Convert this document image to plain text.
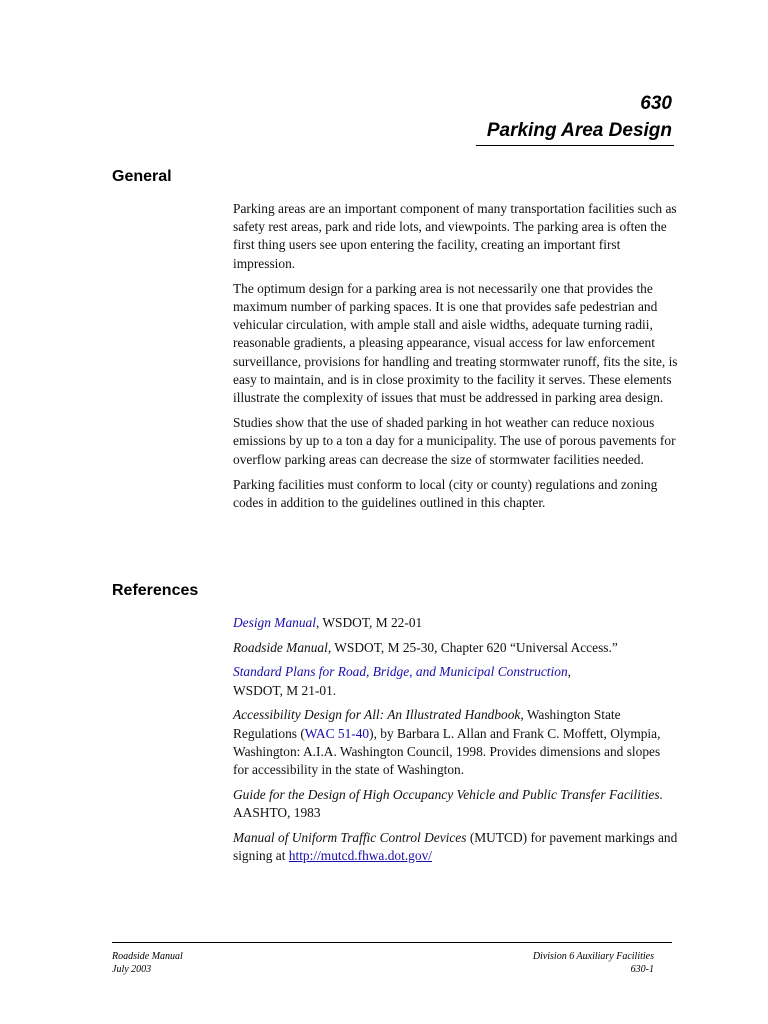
630
Parking Area Design
General

Parking areas are an important component of many transportation facilities such as safety rest areas, park and ride lots, and viewpoints. The parking area is often the first thing users see upon entering the facility, creating an important first impression.

The optimum design for a parking area is not necessarily one that provides the maximum number of parking spaces. It is one that provides safe pedestrian and vehicular circulation, with ample stall and aisle widths, adequate turning radii, reasonable gradients, a pleasing appearance, visual access for law enforcement surveillance, provisions for handling and treating stormwater runoff, fits the site, is easy to maintain, and is in close proximity to the facility it serves. These elements illustrate the complexity of issues that must be addressed in parking area design.

Studies show that the use of shaded parking in hot weather can reduce noxious emissions by up to a ton a day for a municipality. The use of porous pavements for overflow parking areas can decrease the size of stormwater facilities needed.

Parking facilities must conform to local (city or county) regulations and zoning codes in addition to the guidelines outlined in this chapter.

References

Design Manual, WSDOT, M 22-01

Roadside Manual, WSDOT, M 25-30, Chapter 620 “Universal Access.”

Standard Plans for Road, Bridge, and Municipal Construction,
WSDOT, M 21-01.

Accessibility Design for All: An Illustrated Handbook, Washington State Regulations (WAC 51-40), by Barbara L. Allan and Frank C. Moffett, Olympia, Washington: A.I.A. Washington Council, 1998. Provides dimensions and slopes for accessibility in the state of Washington.

Guide for the Design of High Occupancy Vehicle and Public Transfer Facilities. AASHTO, 1983

Manual of Uniform Traffic Control Devices (MUTCD) for pavement markings and signing at http://mutcd.fhwa.dot.gov/

Roadside Manual
July 2003
Division 6 Auxiliary Facilities
630-1
